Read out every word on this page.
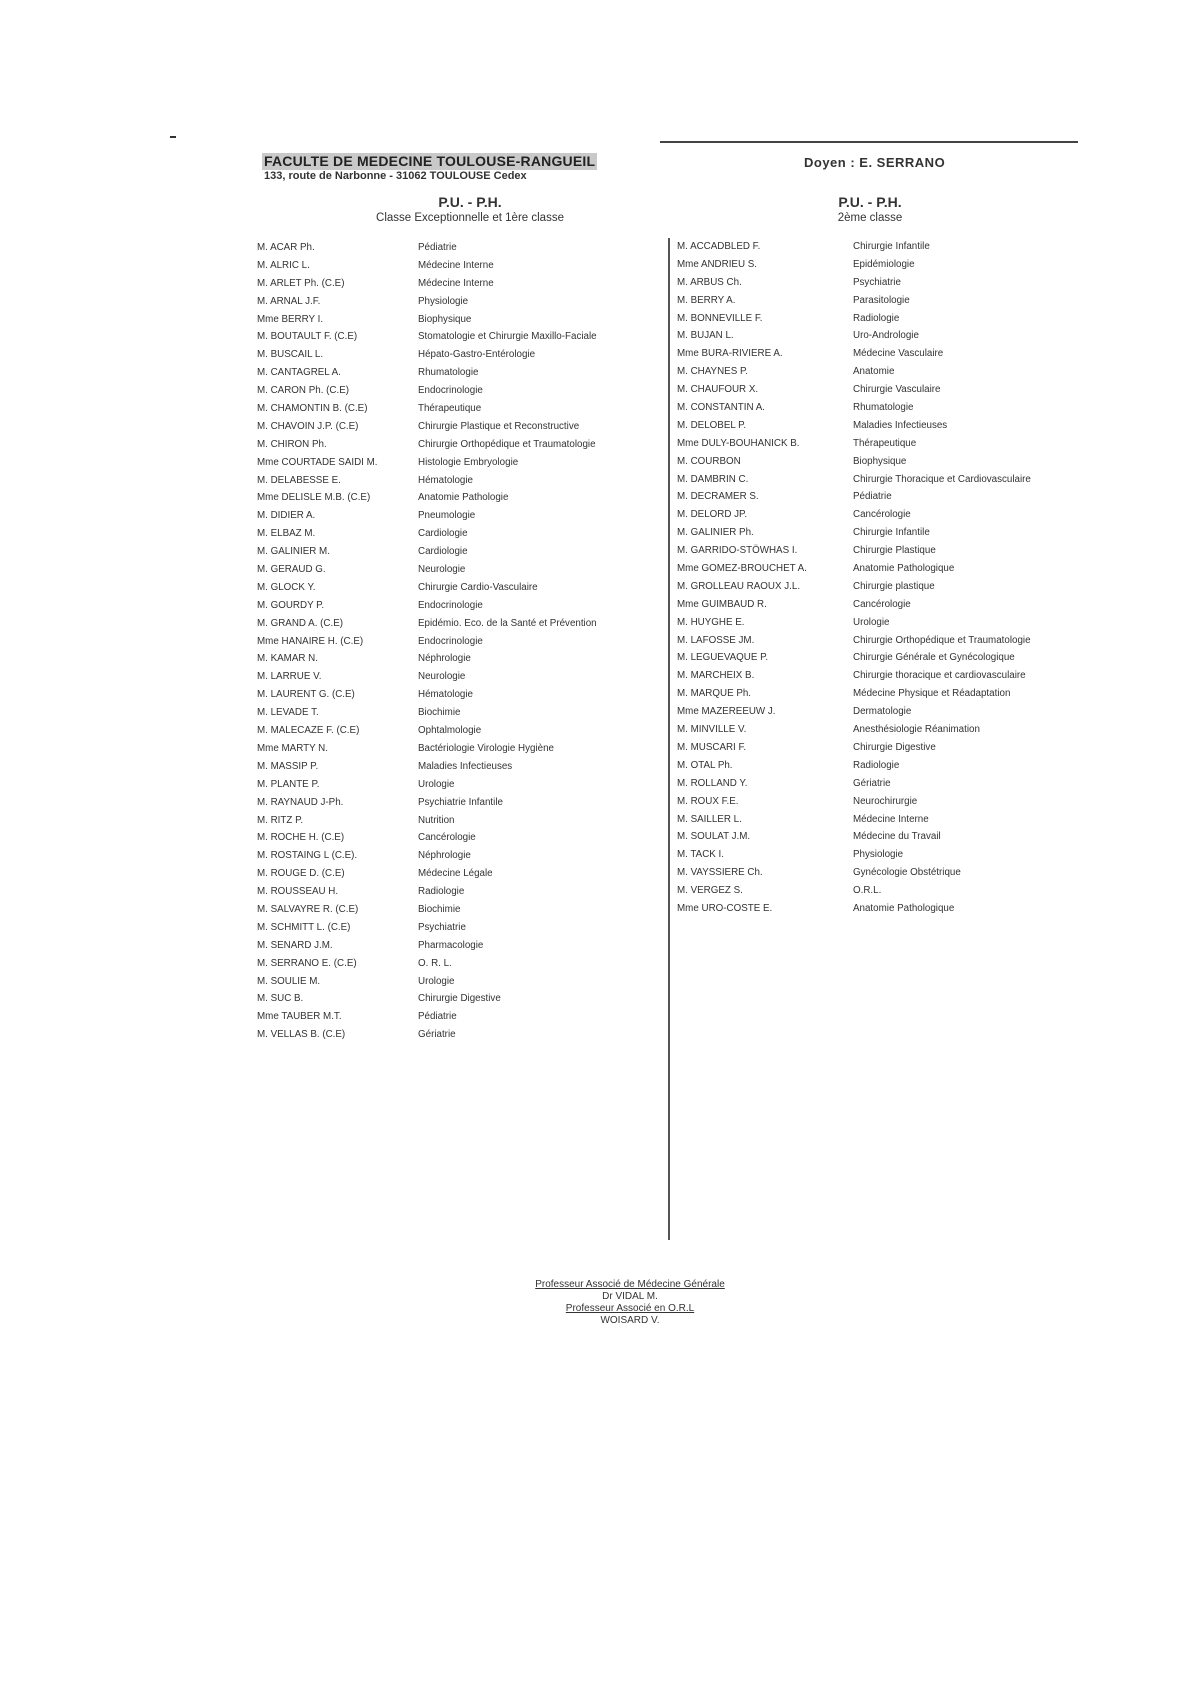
FACULTE DE MEDECINE TOULOUSE-RANGUEIL
133, route de Narbonne - 31062 TOULOUSE Cedex
Doyen : E. SERRANO
P.U. - P.H.
Classe Exceptionnelle et 1ère classe
P.U. - P.H.
2ème classe
M. ACAR Ph.	Pédiatrie
M. ALRIC L.	Médecine Interne
M. ARLET Ph. (C.E)	Médecine Interne
M. ARNAL J.F.	Physiologie
Mme BERRY I.	Biophysique
M. BOUTAULT F. (C.E)	Stomatologie et Chirurgie Maxillo-Faciale
M. BUSCAIL L.	Hépato-Gastro-Entérologie
M. CANTAGREL A.	Rhumatologie
M. CARON Ph. (C.E)	Endocrinologie
M. CHAMONTIN B. (C.E)	Thérapeutique
M. CHAVOIN J.P. (C.E)	Chirurgie Plastique et Reconstructive
M. CHIRON Ph.	Chirurgie Orthopédique et Traumatologie
Mme COURTADE SAIDI M.	Histologie Embryologie
M. DELABESSE E.	Hématologie
Mme DELISLE M.B. (C.E)	Anatomie Pathologie
M. DIDIER A.	Pneumologie
M. ELBAZ M.	Cardiologie
M. GALINIER M.	Cardiologie
M. GERAUD G.	Neurologie
M. GLOCK Y.	Chirurgie Cardio-Vasculaire
M. GOURDY P.	Endocrinologie
M. GRAND A. (C.E)	Epidémio. Eco. de la Santé et Prévention
Mme HANAIRE H. (C.E)	Endocrinologie
M. KAMAR N.	Néphrologie
M. LARRUE V.	Neurologie
M. LAURENT G. (C.E)	Hématologie
M. LEVADE T.	Biochimie
M. MALECAZE F. (C.E)	Ophtalmologie
Mme MARTY N.	Bactériologie Virologie Hygiène
M. MASSIP P.	Maladies Infectieuses
M. PLANTE P.	Urologie
M. RAYNAUD J-Ph.	Psychiatrie Infantile
M. RITZ P.	Nutrition
M. ROCHE H. (C.E)	Cancérologie
M. ROSTAING L (C.E).	Néphrologie
M. ROUGE D. (C.E)	Médecine Légale
M. ROUSSEAU H.	Radiologie
M. SALVAYRE R. (C.E)	Biochimie
M. SCHMITT L. (C.E)	Psychiatrie
M. SENARD J.M.	Pharmacologie
M. SERRANO E. (C.E)	O. R. L.
M. SOULIE M.	Urologie
M. SUC B.	Chirurgie Digestive
Mme TAUBER M.T.	Pédiatrie
M. VELLAS B. (C.E)	Gériatrie
M. ACCADBLED F.	Chirurgie Infantile
Mme ANDRIEU S.	Epidémiologie
M. ARBUS Ch.	Psychiatrie
M. BERRY A.	Parasitologie
M. BONNEVILLE F.	Radiologie
M. BUJAN L.	Uro-Andrologie
Mme BURA-RIVIERE A.	Médecine Vasculaire
M. CHAYNES P.	Anatomie
M. CHAUFOUR X.	Chirurgie Vasculaire
M. CONSTANTIN A.	Rhumatologie
M. DELOBEL P.	Maladies Infectieuses
Mme DULY-BOUHANICK B.	Thérapeutique
M. COURBON	Biophysique
M. DAMBRIN C.	Chirurgie Thoracique et Cardiovasculaire
M. DECRAMER S.	Pédiatrie
M. DELORD JP.	Cancérologie
M. GALINIER Ph.	Chirurgie Infantile
M. GARRIDO-STÖWHAS I.	Chirurgie Plastique
Mme GOMEZ-BROUCHET A.	Anatomie Pathologique
M. GROLLEAU RAOUX J.L.	Chirurgie plastique
Mme GUIMBAUD R.	Cancérologie
M. HUYGHE E.	Urologie
M. LAFOSSE JM.	Chirurgie Orthopédique et Traumatologie
M. LEGUEVAQUE P.	Chirurgie Générale et Gynécologique
M. MARCHEIX B.	Chirurgie thoracique et cardiovasculaire
M. MARQUE Ph.	Médecine Physique et Réadaptation
Mme MAZEREEUW J.	Dermatologie
M. MINVILLE V.	Anesthésiologie Réanimation
M. MUSCARI F.	Chirurgie Digestive
M. OTAL Ph.	Radiologie
M. ROLLAND Y.	Gériatrie
M. ROUX F.E.	Neurochirurgie
M. SAILLER L.	Médecine Interne
M. SOULAT J.M.	Médecine du Travail
M. TACK I.	Physiologie
M. VAYSSIERE Ch.	Gynécologie Obstétrique
M. VERGEZ S.	O.R.L.
Mme URO-COSTE E.	Anatomie Pathologique
Professeur Associé de Médecine Générale
Dr VIDAL M.
Professeur Associé en O.R.L
WOISARD V.
